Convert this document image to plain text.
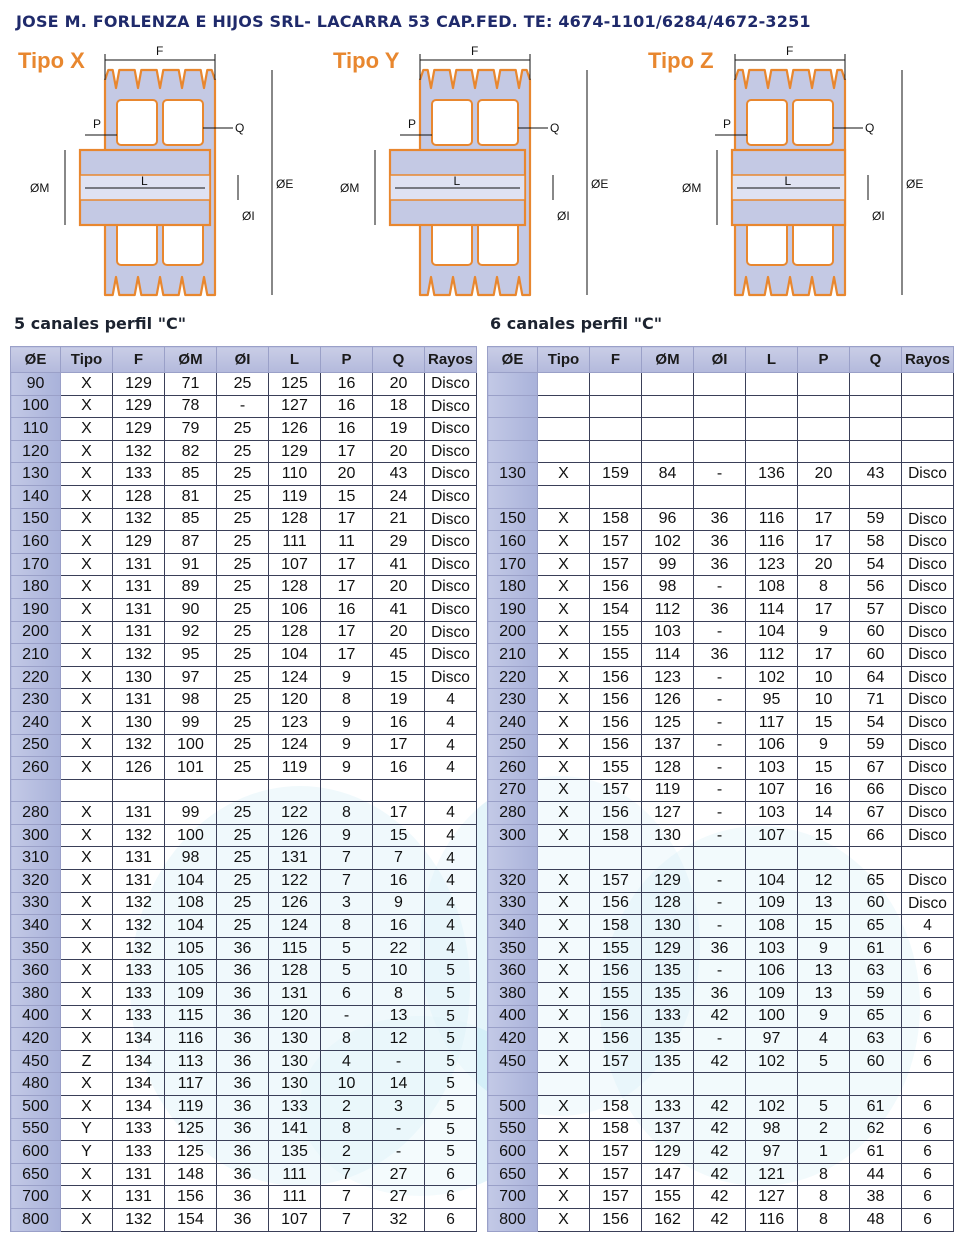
JOSE M. FORLENZA E HIJOS SRL- LACARRA 53 CAP.FED. TE: 4674-1101/6284/4672-3251
Tipo X	F
P	Q
ØM	L	ØE
ØI
Tipo Y	F
P	Q
ØM	L	ØE
ØI
Tipo Z	F
P	Q
ØM	L	ØE
ØI
5 canales perfil "C"	6 canales perfil "C"
ØE	Tipo	F	ØM	ØI	L	P	Q	Rayos
90	X	129	71	25	125	16	20	Disco
100	X	129	78	-	127	16	18	Disco
110	X	129	79	25	126	16	19	Disco
120	X	132	82	25	129	17	20	Disco
130	X	133	85	25	110	20	43	Disco
140	X	128	81	25	119	15	24	Disco
150	X	132	85	25	128	17	21	Disco
160	X	129	87	25	111	11	29	Disco
170	X	131	91	25	107	17	41	Disco
180	X	131	89	25	128	17	20	Disco
190	X	131	90	25	106	16	41	Disco
200	X	131	92	25	128	17	20	Disco
210	X	132	95	25	104	17	45	Disco
220	X	130	97	25	124	9	15	Disco
230	X	131	98	25	120	8	19	4
240	X	130	99	25	123	9	16	4
250	X	132	100	25	124	9	17	4
260	X	126	101	25	119	9	16	4

280	X	131	99	25	122	8	17	4
300	X	132	100	25	126	9	15	4
310	X	131	98	25	131	7	7	4
320	X	131	104	25	122	7	16	4
330	X	132	108	25	126	3	9	4
340	X	132	104	25	124	8	16	4
350	X	132	105	36	115	5	22	4
360	X	133	105	36	128	5	10	5
380	X	133	109	36	131	6	8	5
400	X	133	115	36	120	-	13	5
420	X	134	116	36	130	8	12	5
450	Z	134	113	36	130	4	-	5
480	X	134	117	36	130	10	14	5
500	X	134	119	36	133	2	3	5
550	Y	133	125	36	141	8	-	5
600	Y	133	125	36	135	2	-	5
650	X	131	148	36	111	7	27	6
700	X	131	156	36	111	7	27	6
800	X	132	154	36	107	7	32	6
ØE	Tipo	F	ØM	ØI	L	P	Q	Rayos

130	X	159	84	-	136	20	43	Disco

150	X	158	96	36	116	17	59	Disco
160	X	157	102	36	116	17	58	Disco
170	X	157	99	36	123	20	54	Disco
180	X	156	98	-	108	8	56	Disco
190	X	154	112	36	114	17	57	Disco
200	X	155	103	-	104	9	60	Disco
210	X	155	114	36	112	17	60	Disco
220	X	156	123	-	102	10	64	Disco
230	X	156	126	-	95	10	71	Disco
240	X	156	125	-	117	15	54	Disco
250	X	156	137	-	106	9	59	Disco
260	X	155	128	-	103	15	67	Disco
270	X	157	119	-	107	16	66	Disco
280	X	156	127	-	103	14	67	Disco
300	X	158	130	-	107	15	66	Disco

320	X	157	129	-	104	12	65	Disco
330	X	156	128	-	109	13	60	Disco
340	X	158	130	-	108	15	65	4
350	X	155	129	36	103	9	61	6
360	X	156	135	-	106	13	63	6
380	X	155	135	36	109	13	59	6
400	X	156	133	42	100	9	65	6
420	X	156	135	-	97	4	63	6
450	X	157	135	42	102	5	60	6

500	X	158	133	42	102	5	61	6
550	X	158	137	42	98	2	62	6
600	X	157	129	42	97	1	61	6
650	X	157	147	42	121	8	44	6
700	X	157	155	42	127	8	38	6
800	X	156	162	42	116	8	48	6
